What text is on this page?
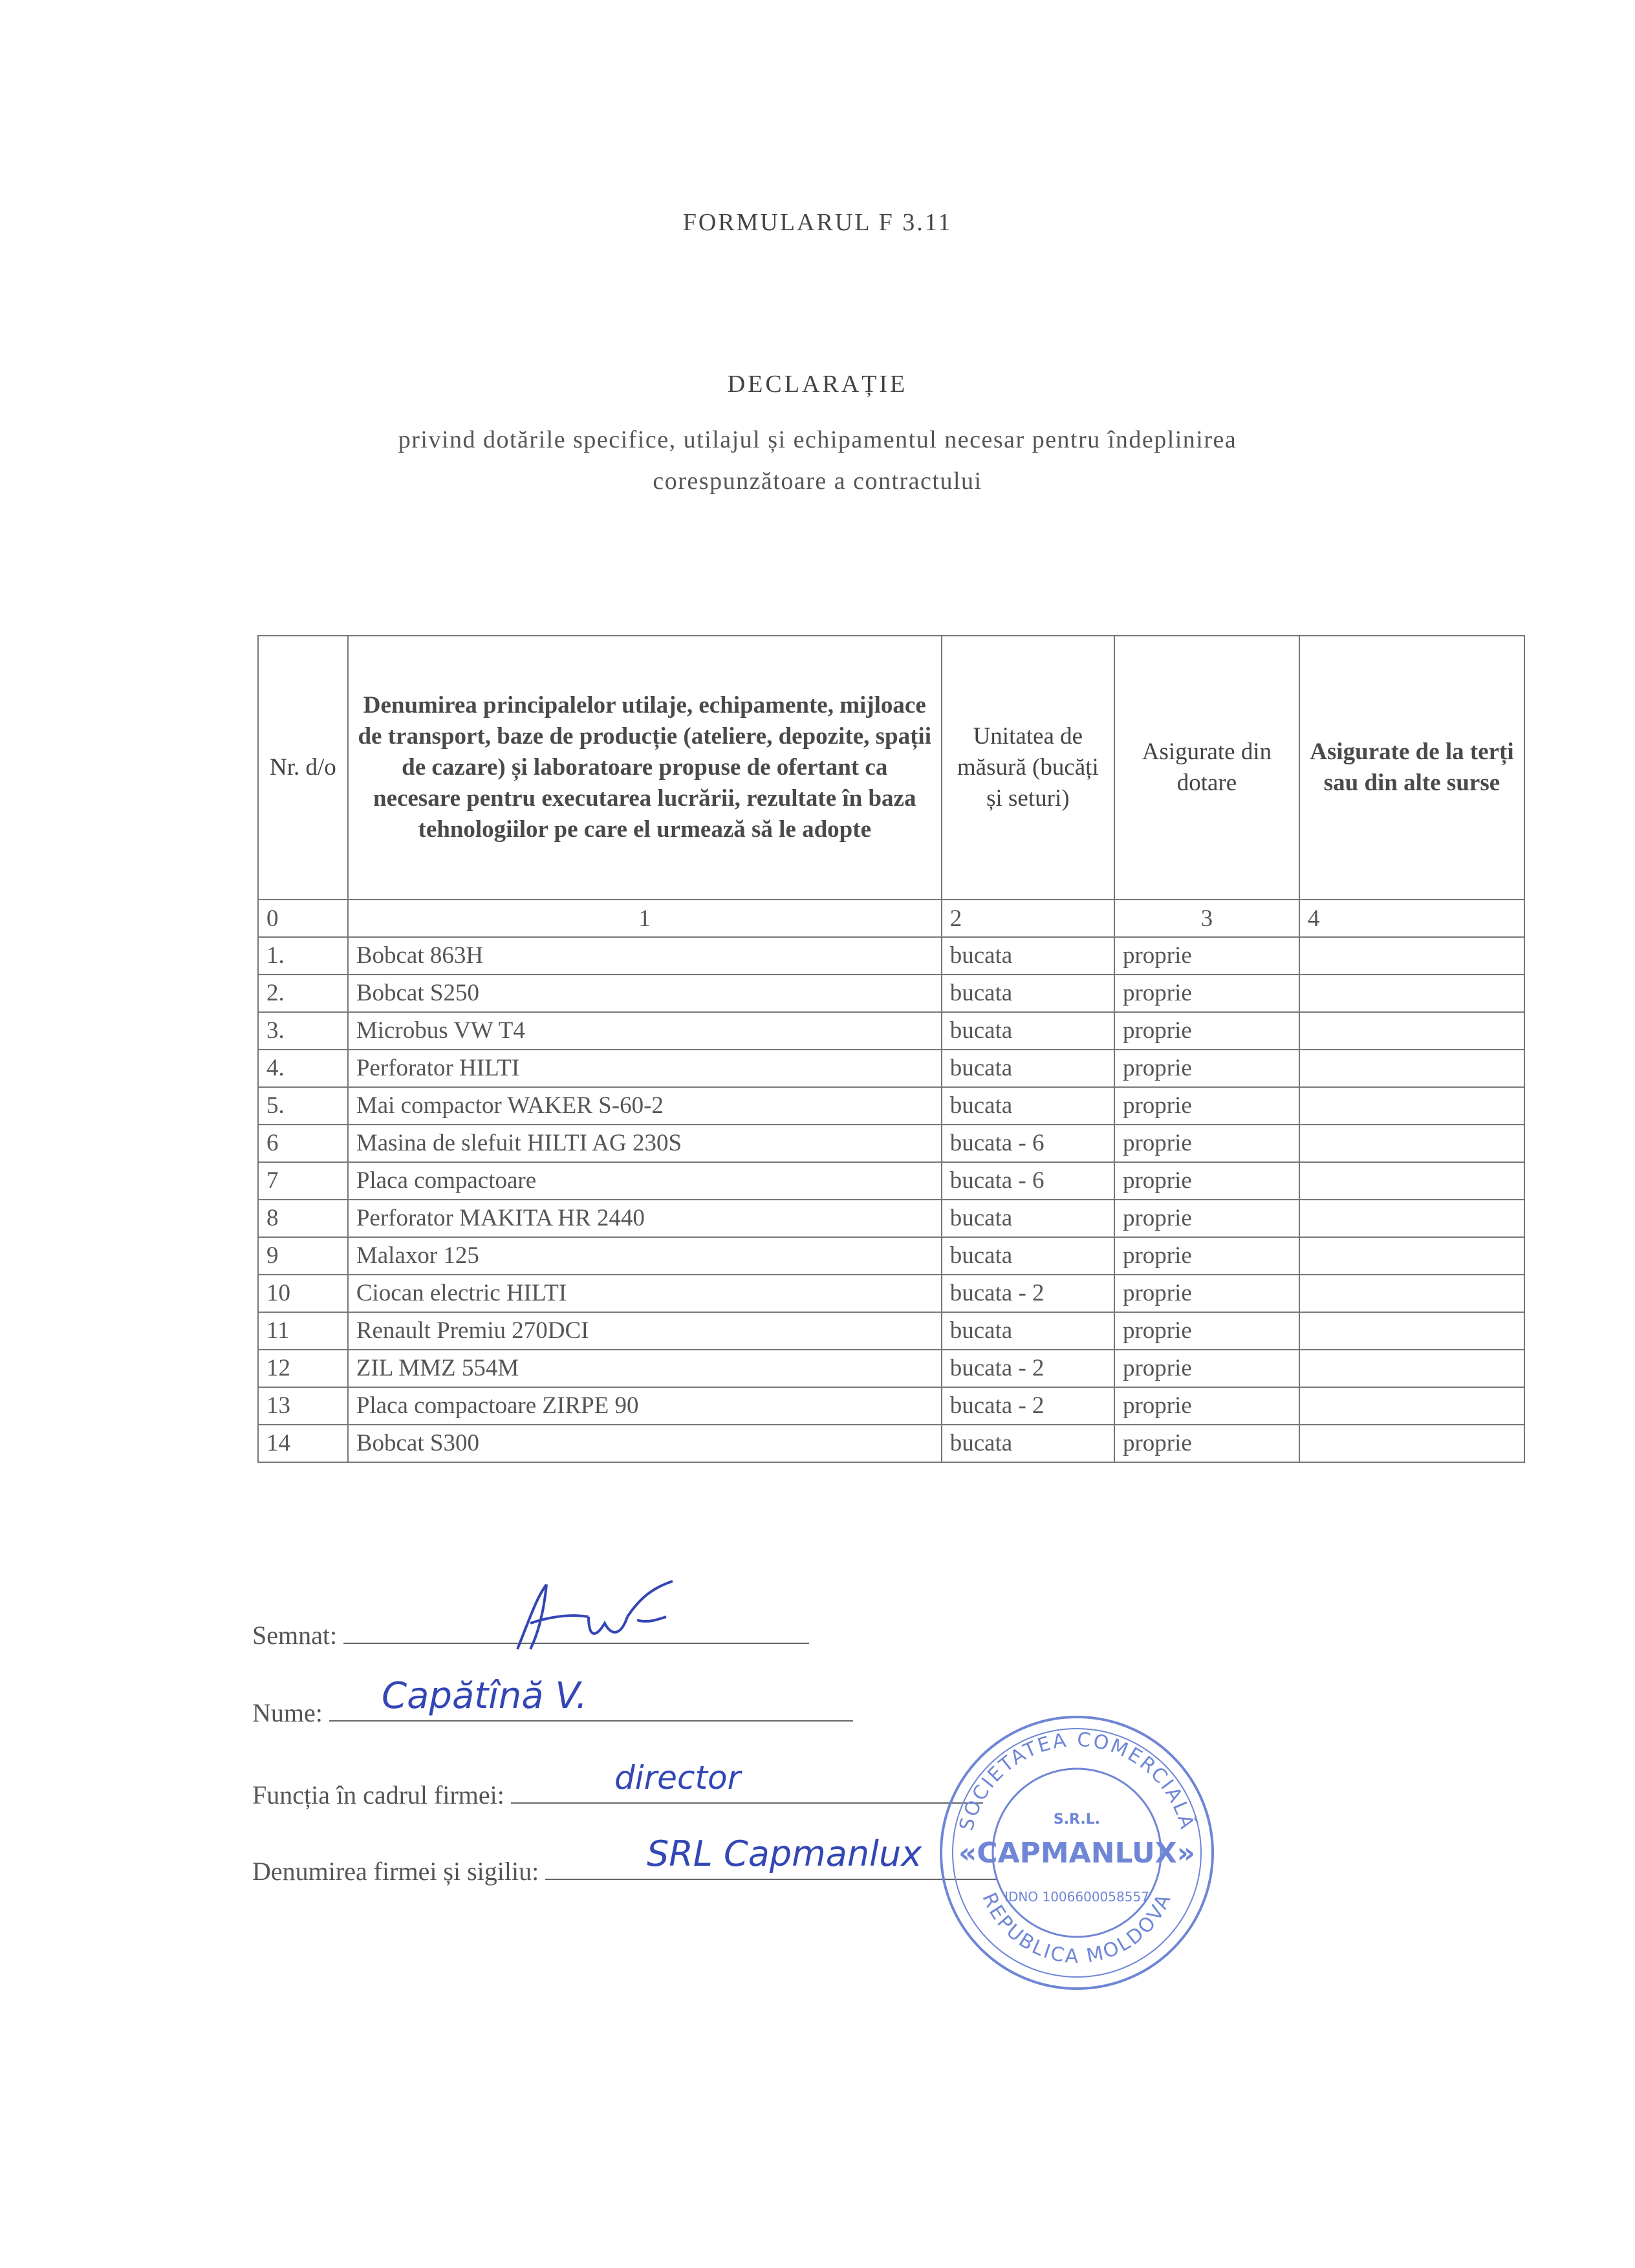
FORMULARUL F 3.11
DECLARAȚIE
privind dotările specifice, utilajul și echipamentul necesar pentru îndeplinirea
corespunzătoare a contractului
Nr. d/o	Denumirea principalelor utilaje, echipamente, mijloace de transport, baze de producție (ateliere, depozite, spații de cazare) și laboratoare propuse de ofertant ca necesare pentru executarea lucrării, rezultate în baza tehnologiilor pe care el urmează să le adopte	Unitatea de măsură (bucăți și seturi)	Asigurate din dotare	Asigurate de la terți sau din alte surse
0	1	2	3	4
1.	Bobcat 863H	bucata	proprie	
2.	Bobcat S250	bucata	proprie	
3.	Microbus VW T4	bucata	proprie	
4.	Perforator HILTI	bucata	proprie	
5.	Mai compactor WAKER S-60-2	bucata	proprie	
6	Masina de slefuit HILTI AG 230S	bucata - 6	proprie	
7	Placa compactoare	bucata - 6	proprie	
8	Perforator MAKITA HR 2440	bucata	proprie	
9	Malaxor 125	bucata	proprie	
10	Ciocan electric HILTI	bucata - 2	proprie	
11	Renault Premiu 270DCI	bucata	proprie	
12	ZIL MMZ 554M	bucata - 2	proprie	
13	Placa compactoare ZIRPE 90	bucata - 2	proprie	
14	Bobcat S300	bucata	proprie	
Semnat:
Nume:	Capătînă V.
Funcția în cadrul firmei:	director
Denumirea firmei și sigiliu:	SRL Capmanlux
SOCIETATEA COMERCIALĂ
REPUBLICA MOLDOVA
S.R.L.
«CAPMANLUX»
IDNO 1006600058557
